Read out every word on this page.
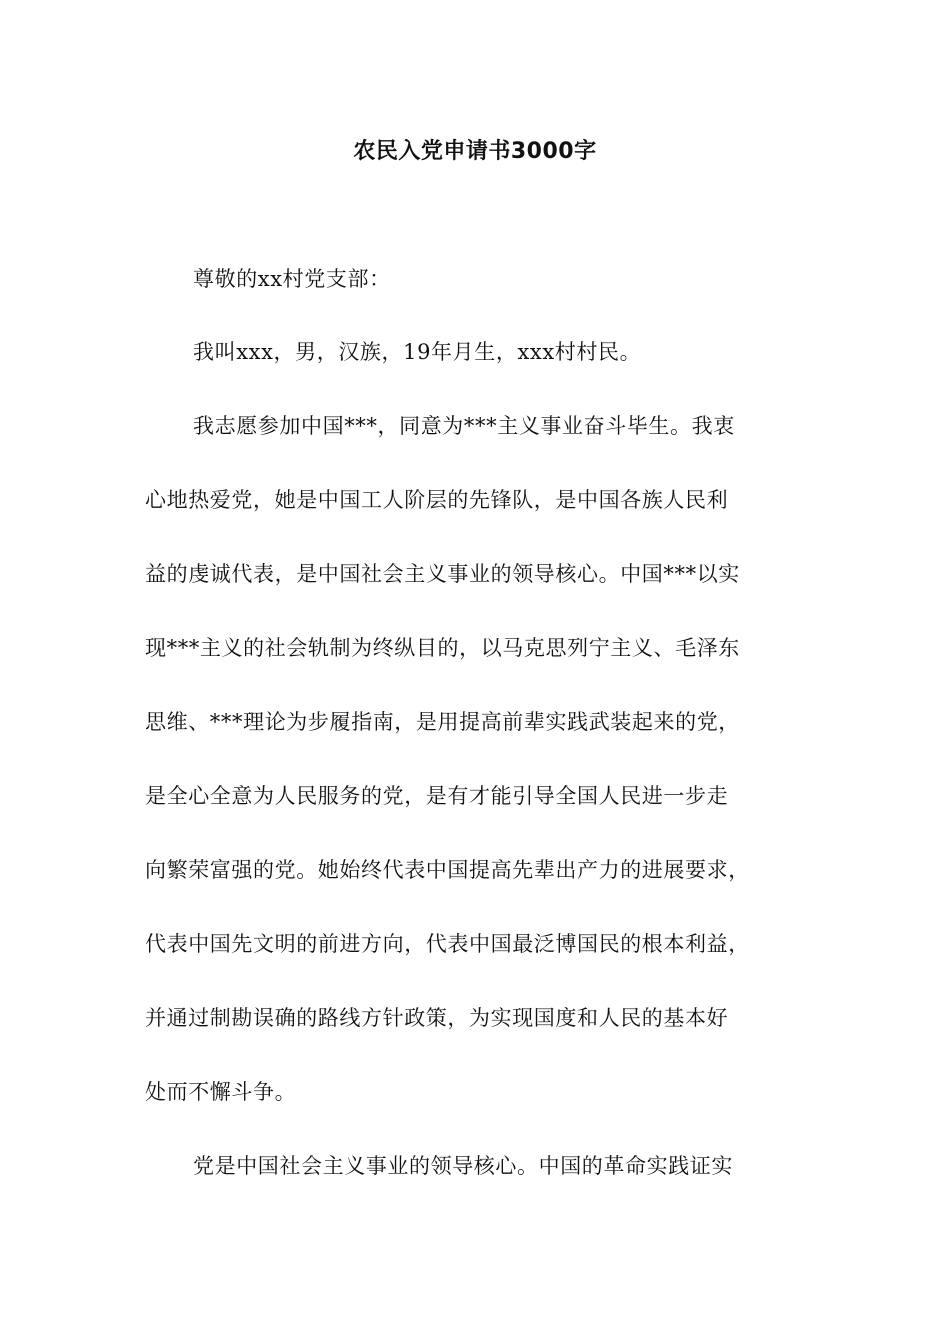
农民入党申请书3000字
尊敬的xx村党支部：
我叫xxx，男，汉族，19年月生，xxx村村民。
我志愿参加中国***，同意为***主义事业奋斗毕生。我衷
心地热爱党，她是中国工人阶层的先锋队，是中国各族人民利
益的虔诚代表，是中国社会主义事业的领导核心。中国***以实
现***主义的社会轨制为终纵目的，以马克思列宁主义、毛泽东
思维、***理论为步履指南，是用提高前辈实践武装起来的党，
是全心全意为人民服务的党，是有才能引导全国人民进一步走
向繁荣富强的党。她始终代表中国提高先辈出产力的进展要求，
代表中国先文明的前进方向，代表中国最泛博国民的根本利益，
并通过制勘误确的路线方针政策，为实现国度和人民的基本好
处而不懈斗争。
党是中国社会主义事业的领导核心。中国的革命实践证实
